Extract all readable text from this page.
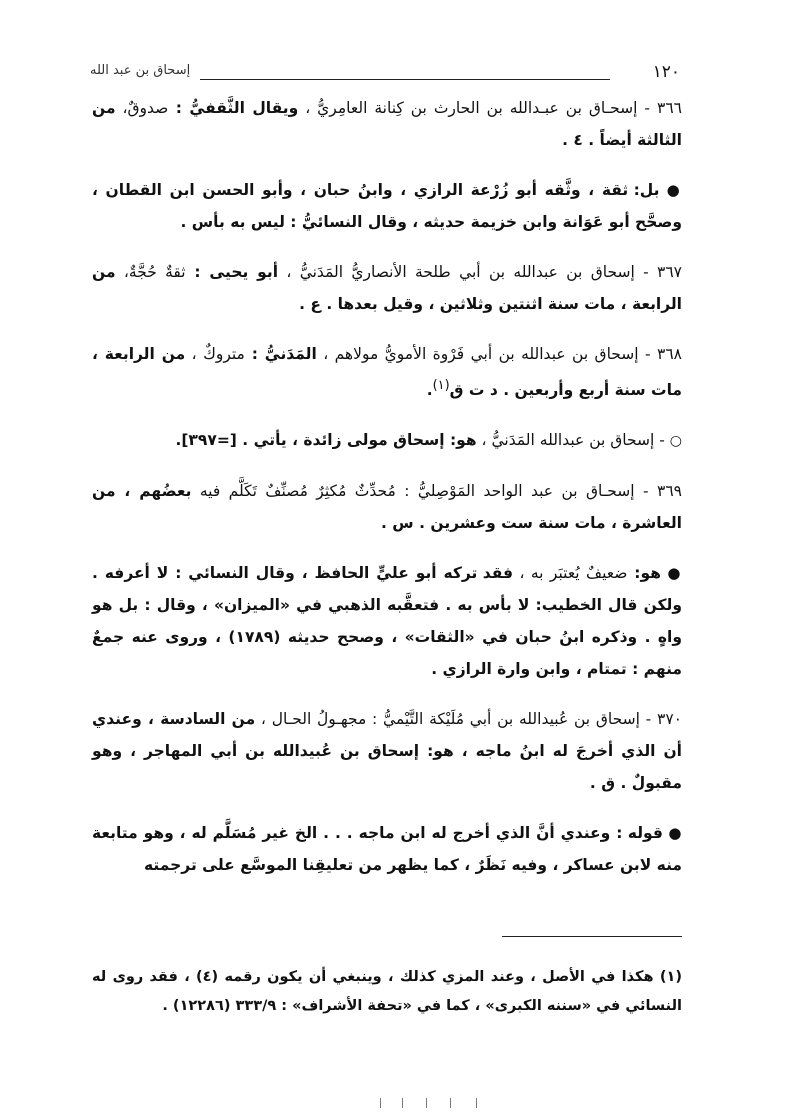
١٢٠
إسحاق بن عبد الله

٣٦٦ - إسحـاق بن عبـدالله بن الحارث بن كِنانة العامِريُّ ، ويقال الثَّقفيُّ : صدوقٌ، من الثالثة أيضاً . ٤ .

● بل: ثقة ، وثَّقه أبو زُرْعة الرازي ، وابنُ حبان ، وأبو الحسن ابن القطان ، وصحَّح أبو عَوَانة وابن خزيمة حديثه ، وقال النسائيُّ : ليس به بأس .

٣٦٧ - إسحاق بن عبدالله بن أبي طلحة الأنصاريُّ المَدَنيُّ ، أبو يحيى : ثقةٌ حُجَّةٌ، من الرابعة ، مات سنة اثنتين وثلاثين ، وقيل بعدها . ع .

٣٦٨ - إسحاق بن عبدالله بن أبي فَرْوة الأمويُّ مولاهم ، المَدَنيُّ : متروكٌ ، من الرابعة ، مات سنة أربع وأربعين . د ت ق$^{(١)}$.

○ - إسحاق بن عبدالله المَدَنيُّ ، هو: إسحاق مولى زائدة ، يأتي . [=٣٩٧].

٣٦٩ - إسحـاق بن عبد الواحد المَوْصِليُّ : مُحدِّثٌ مُكثِرٌ مُصنِّفٌ تَكَلَّم فيه بعضُهم ، من العاشرة ، مات سنة ست وعشرين . س .

● هو: ضعيفٌ يُعتبَر به ، فقد تركه أبو عليٍّ الحافظ ، وقال النسائي : لا أعرفه . ولكن قال الخطيب: لا بأس به . فتعقَّبه الذهبي في «الميزان» ، وقال : بل هو واهٍ . وذكره ابنُ حبان في «الثقات» ، وصحح حديثه (١٧٨٩) ، وروى عنه جمعٌ منهم : تمتام ، وابن وارة الرازي .

٣٧٠ - إسحاق بن عُبيدالله بن أبي مُلَيْكة التَّيْميُّ : مجهـولُ الحـال ، من السادسة ، وعندي أن الذي أخرجَ له ابنُ ماجه ، هو: إسحاق بن عُبيدالله بن أبي المهاجر ، وهو مقبولٌ . ق .

● قوله : وعندي أنَّ الذي أخرج له ابن ماجه . . . الخ غير مُسَلَّم له ، وهو متابعة منه لابن عساكر ، وفيه نَظَرٌ ، كما يظهر من تعليقِنا الموسَّع على ترجمته

(١) هكذا في الأصل ، وعند المزي كذلك ، وينبغي أن يكون رقمه (٤) ، فقد روى له النسائي في «سننه الكبرى» ، كما في «تحفة الأشراف» : ٣٣٣/٩ (١٢٢٨٦) .
